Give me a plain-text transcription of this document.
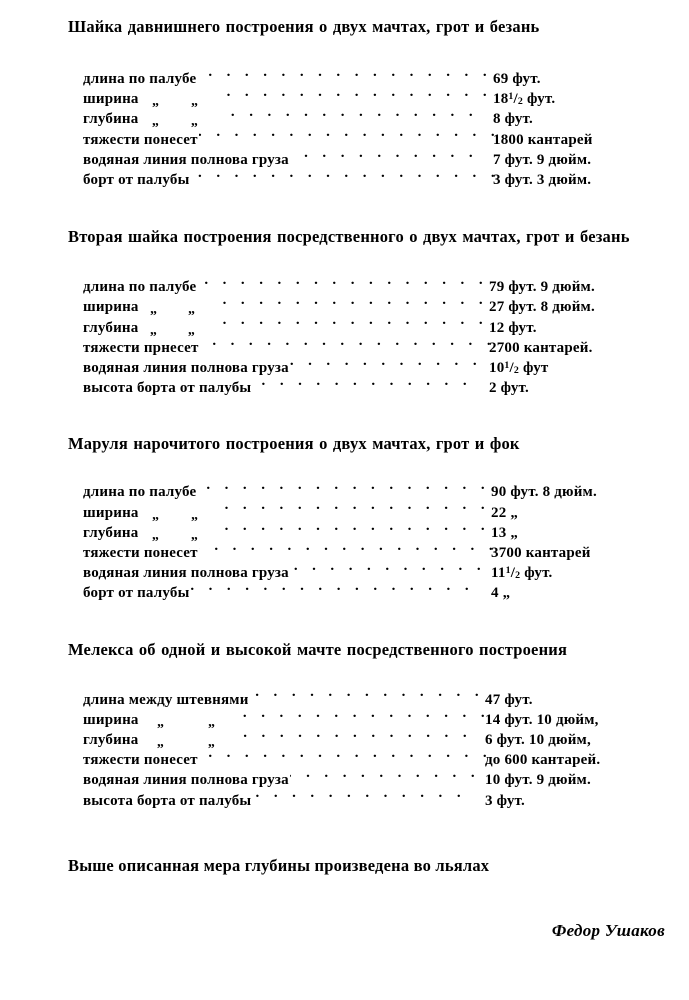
Шайка давнишнего построения о двух мачтах, грот и безань

длина по палубе . . .	69 фут.
ширина „ „ . . .	$18^1/_2$ фут.
глубина „ „ . . .	8 фут.
тяжести понесет . . .	1800 кантарей
водяная линия полнова груза . . .	7 фут. 9 дюйм.
борт от палубы . . .	3 фут. 3 дюйм.

Вторая шайка построения посредственного о двух мачтах, грот и безань

длина по палубе . . .	79 фут. 9 дюйм.
ширина „ „ . . .	27 фут. 8 дюйм.
глубина „ „ . . .	12 фут.
тяжести прнесет . . .	2700 кантарей.
водяная линия полнова груза . . .	$10^1/_2$ фут
высота борта от палубы . . .	2 фут.

Маруля нарочитого построения о двух мачтах, грот и фок

длина по палубе . . .	90 фут. 8 дюйм.
ширина „ „ . . .	22 „
глубина „ „ . . .	13 „
тяжести понесет . . .	3700 кантарей
водяная линия полнова груза . . .	$11^1/_2$ фут.
борт от палубы . . .	4 „

Мелекса об одной и высокой мачте посредственного построения

длина между штевнями . . .	47 фут.
ширина „	„ . . .	14 фут. 10 дюйм,
глубина „	„ . . .	6 фут. 10 дюйм,
тяжести понесет . . .	до 600 кантарей.
водяная линия полнова груза . . .	10 фут. 9 дюйм.
высота борта от палубы . . .	3 фут.

Выше описанная мера глубины произведена во льялах

Федор Ушаков
